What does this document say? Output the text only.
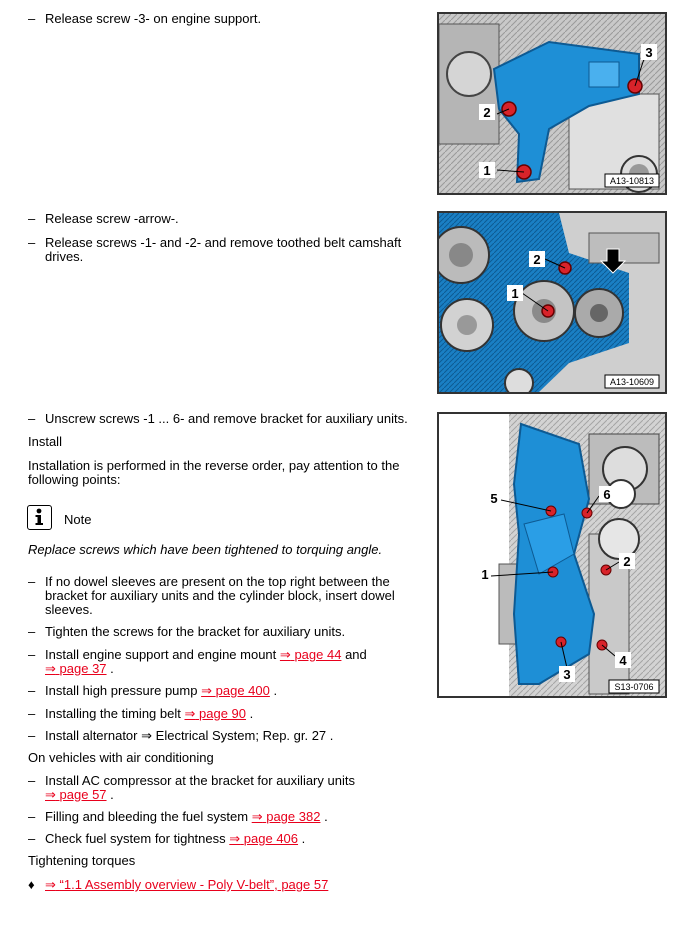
– Release screw -3- on engine support.
2
1
3
A13-10813
– Release screw -arrow-.
– Release screws -1- and -2- and remove toothed belt camshaft drives.
1
2
A13-10609
– Unscrew screws -1 ... 6- and remove bracket for auxiliary units.
Install
Installation is performed in the reverse order, pay attention to the following points:
Note
Replace screws which have been tightened to torquing angle.
– If no dowel sleeves are present on the top right between the bracket for auxiliary units and the cylinder block, insert dowel sleeves.
– Tighten the screws for the bracket for auxiliary units.
– Install engine support and engine mount ⇒ page 44 and
⇒ page 37 .
– Install high pressure pump ⇒ page 400 .
– Installing the timing belt ⇒ page 90 .
– Install alternator ⇒ Electrical System; Rep. gr. 27 .
On vehicles with air conditioning
– Install AC compressor at the bracket for auxiliary units
⇒ page 57 .
– Filling and bleeding the fuel system ⇒ page 382 .
– Check fuel system for tightness ⇒ page 406 .
Tightening torques
♦ ⇒ “1.1 Assembly overview - Poly V-belt”, page 57
5	6
1
2
3
4
S13-0706
